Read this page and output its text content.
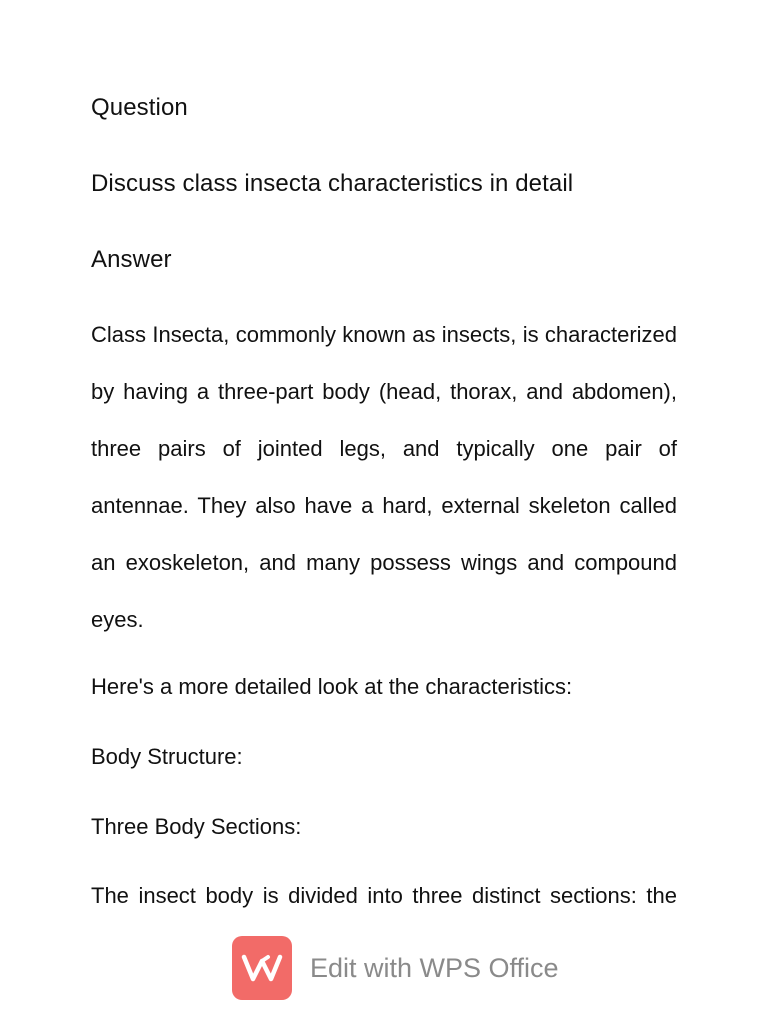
Question
Discuss class insecta characteristics in detail
Answer
Class Insecta, commonly known as insects, is characterized by having a three-part body (head, thorax, and abdomen), three pairs of jointed legs, and typically one pair of antennae. They also have a hard, external skeleton called an exoskeleton, and many possess wings and compound eyes.
Here's a more detailed look at the characteristics:
Body Structure:
Three Body Sections:
The insect body is divided into three distinct sections: the
Edit with WPS Office
